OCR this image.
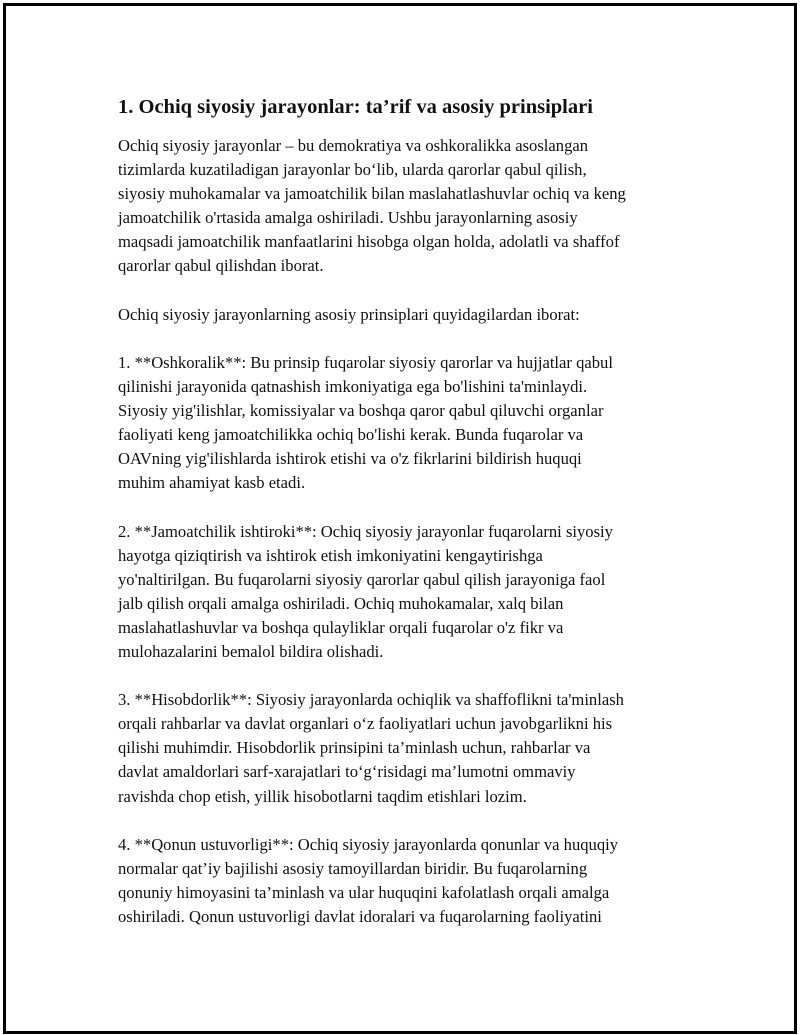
1. Ochiq siyosiy jarayonlar: ta’rif va asosiy prinsiplari
Ochiq siyosiy jarayonlar – bu demokratiya va oshkoralikka asoslangan
tizimlarda kuzatiladigan jarayonlar bo‘lib, ularda qarorlar qabul qilish,
siyosiy muhokamalar va jamoatchilik bilan maslahatlashuvlar ochiq va keng
jamoatchilik o'rtasida amalga oshiriladi. Ushbu jarayonlarning asosiy
maqsadi jamoatchilik manfaatlarini hisobga olgan holda, adolatli va shaffof
qarorlar qabul qilishdan iborat.
Ochiq siyosiy jarayonlarning asosiy prinsiplari quyidagilardan iborat:
1. **Oshkoralik**: Bu prinsip fuqarolar siyosiy qarorlar va hujjatlar qabul
qilinishi jarayonida qatnashish imkoniyatiga ega bo'lishini ta'minlaydi.
Siyosiy yig'ilishlar, komissiyalar va boshqa qaror qabul qiluvchi organlar
faoliyati keng jamoatchilikka ochiq bo'lishi kerak. Bunda fuqarolar va
OAVning yig'ilishlarda ishtirok etishi va o'z fikrlarini bildirish huquqi
muhim ahamiyat kasb etadi.
2. **Jamoatchilik ishtiroki**: Ochiq siyosiy jarayonlar fuqarolarni siyosiy
hayotga qiziqtirish va ishtirok etish imkoniyatini kengaytirishga
yo'naltirilgan. Bu fuqarolarni siyosiy qarorlar qabul qilish jarayoniga faol
jalb qilish orqali amalga oshiriladi. Ochiq muhokamalar, xalq bilan
maslahatlashuvlar va boshqa qulayliklar orqali fuqarolar o'z fikr va
mulohazalarini bemalol bildira olishadi.
3. **Hisobdorlik**: Siyosiy jarayonlarda ochiqlik va shaffoflikni ta'minlash
orqali rahbarlar va davlat organlari o‘z faoliyatlari uchun javobgarlikni his
qilishi muhimdir. Hisobdorlik prinsipini ta’minlash uchun, rahbarlar va
davlat amaldorlari sarf-xarajatlari to‘g‘risidagi ma’lumotni ommaviy
ravishda chop etish, yillik hisobotlarni taqdim etishlari lozim.
4. **Qonun ustuvorligi**: Ochiq siyosiy jarayonlarda qonunlar va huquqiy
normalar qat’iy bajilishi asosiy tamoyillardan biridir. Bu fuqarolarning
qonuniy himoyasini ta’minlash va ular huquqini kafolatlash orqali amalga
oshiriladi. Qonun ustuvorligi davlat idoralari va fuqarolarning faoliyatini
